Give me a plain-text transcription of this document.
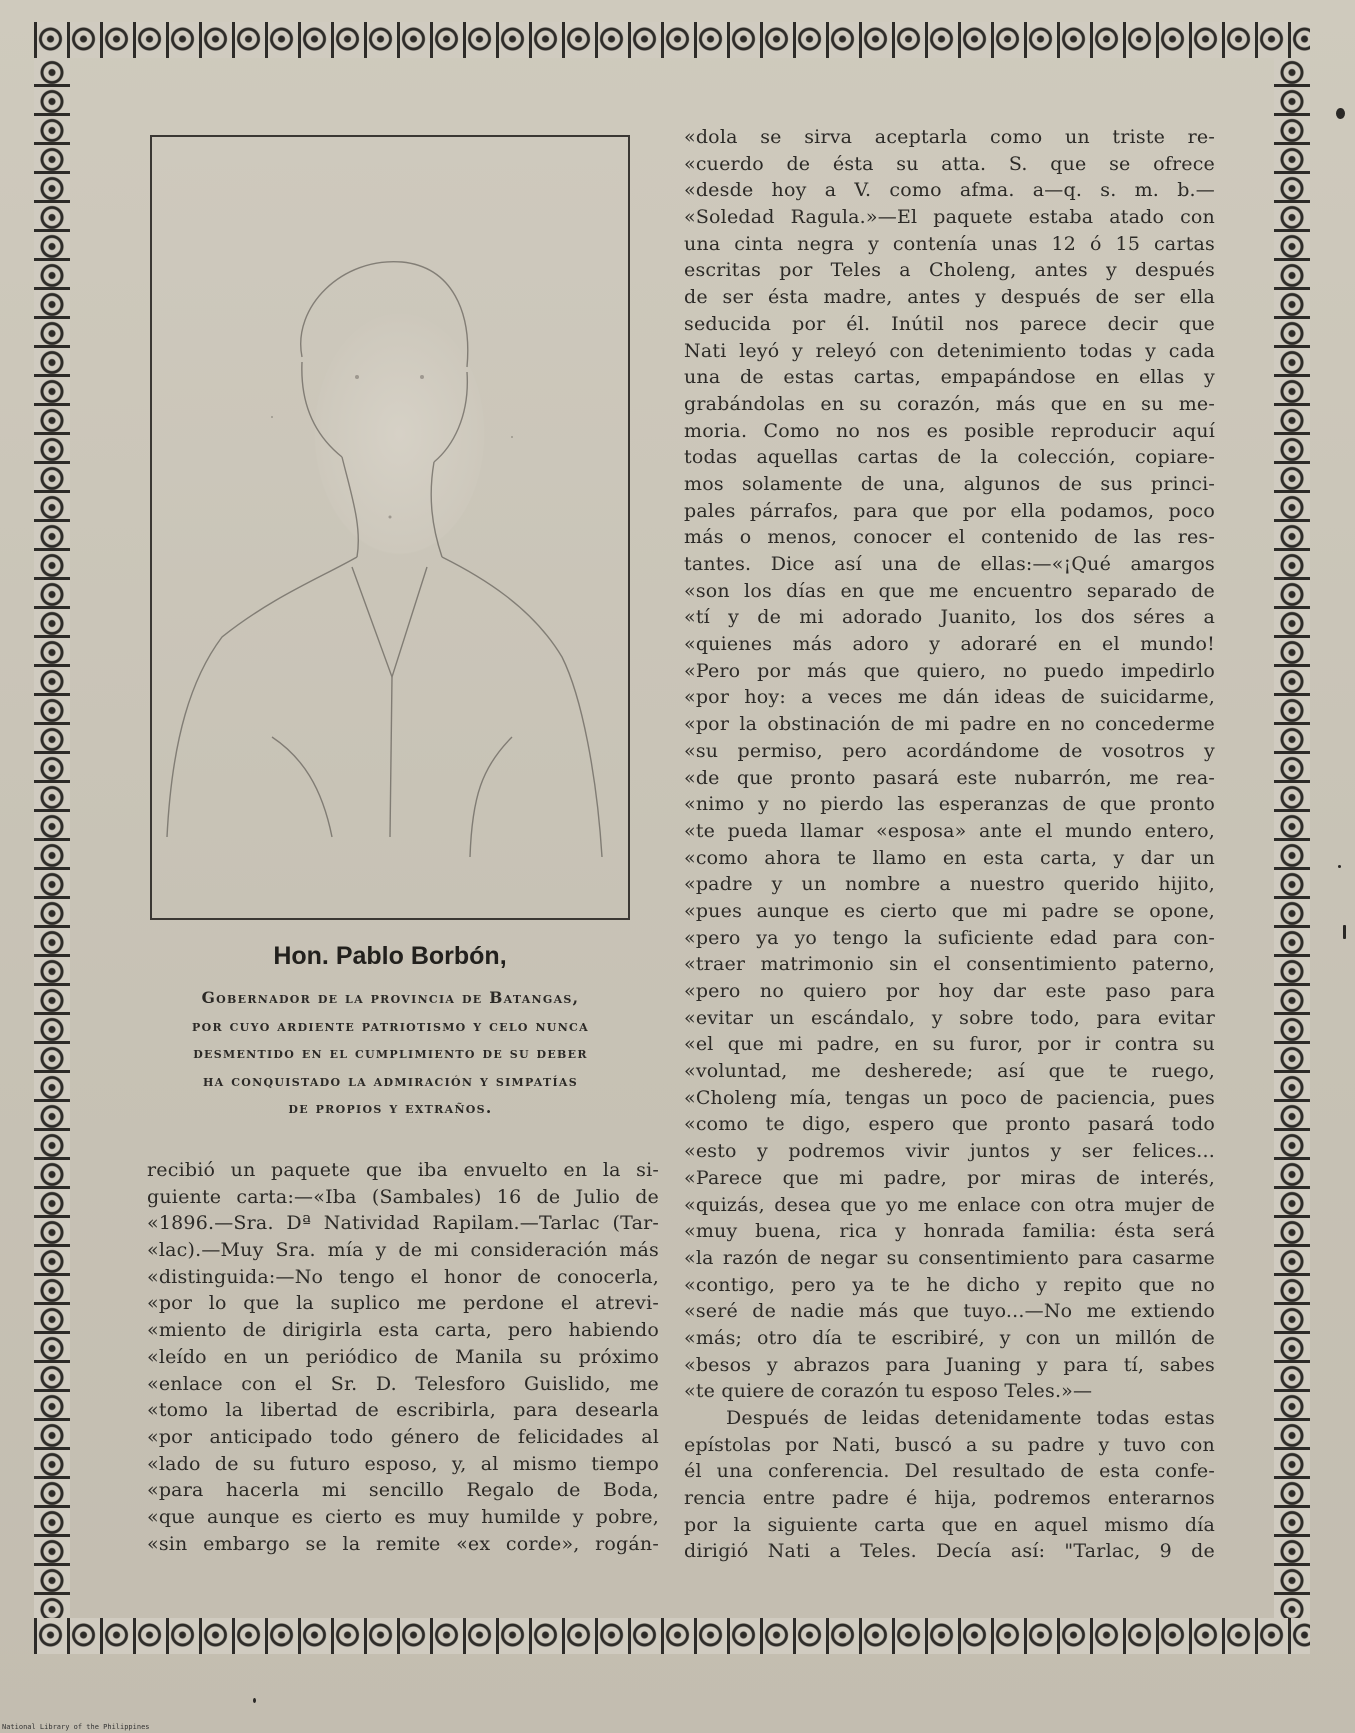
Hon. Pablo Borbón,
Gobernador de la provincia de Batangas,
por cuyo ardiente patriotismo y celo nunca
desmentido en el cumplimiento de su deber
ha conquistado la admiración y simpatías
de propios y extraños.
recibió un paquete que iba envuelto en la si-
guiente carta:—«Iba (Sambales) 16 de Julio de
«1896.—Sra. Dª Natividad Rapilam.—Tarlac (Tar-
«lac).—Muy Sra. mía y de mi consideración más
«distinguida:—No tengo el honor de conocerla,
«por lo que la suplico me perdone el atrevi-
«miento de dirigirla esta carta, pero habiendo
«leído en un periódico de Manila su próximo
«enlace con el Sr. D. Telesforo Guislido, me
«tomo la libertad de escribirla, para desearla
«por anticipado todo género de felicidades al
«lado de su futuro esposo, y, al mismo tiempo
«para hacerla mi sencillo Regalo de Boda,
«que aunque es cierto es muy humilde y pobre,
«sin embargo se la remite «ex corde», rogán-
«dola se sirva aceptarla como un triste re-
«cuerdo de ésta su atta. S. que se ofrece
«desde hoy a V. como afma. a—q. s. m. b.—
«Soledad Ragula.»—El paquete estaba atado con
una cinta negra y contenía unas 12 ó 15 cartas
escritas por Teles a Choleng, antes y después
de ser ésta madre, antes y después de ser ella
seducida por él. Inútil nos parece decir que
Nati leyó y releyó con detenimiento todas y cada
una de estas cartas, empapándose en ellas y
grabándolas en su corazón, más que en su me-
moria. Como no nos es posible reproducir aquí
todas aquellas cartas de la colección, copiare-
mos solamente de una, algunos de sus princi-
pales párrafos, para que por ella podamos, poco
más o menos, conocer el contenido de las res-
tantes. Dice así una de ellas:—«¡Qué amargos
«son los días en que me encuentro separado de
«tí y de mi adorado Juanito, los dos séres a
«quienes más adoro y adoraré en el mundo!
«Pero por más que quiero, no puedo impedirlo
«por hoy: a veces me dán ideas de suicidarme,
«por la obstinación de mi padre en no concederme
«su permiso, pero acordándome de vosotros y
«de que pronto pasará este nubarrón, me rea-
«nimo y no pierdo las esperanzas de que pronto
«te pueda llamar «esposa» ante el mundo entero,
«como ahora te llamo en esta carta, y dar un
«padre y un nombre a nuestro querido hijito,
«pues aunque es cierto que mi padre se opone,
«pero ya yo tengo la suficiente edad para con-
«traer matrimonio sin el consentimiento paterno,
«pero no quiero por hoy dar este paso para
«evitar un escándalo, y sobre todo, para evitar
«el que mi padre, en su furor, por ir contra su
«voluntad, me desherede; así que te ruego,
«Choleng mía, tengas un poco de paciencia, pues
«como te digo, espero que pronto pasará todo
«esto y podremos vivir juntos y ser felices...
«Parece que mi padre, por miras de interés,
«quizás, desea que yo me enlace con otra mujer de
«muy buena, rica y honrada familia: ésta será
«la razón de negar su consentimiento para casarme
«contigo, pero ya te he dicho y repito que no
«seré de nadie más que tuyo...—No me extiendo
«más; otro día te escribiré, y con un millón de
«besos y abrazos para Juaning y para tí, sabes
«te quiere de corazón tu esposo Teles.»—
Después de leidas detenidamente todas estas
epístolas por Nati, buscó a su padre y tuvo con
él una conferencia. Del resultado de esta confe-
rencia entre padre é hija, podremos enterarnos
por la siguiente carta que en aquel mismo día
dirigió Nati a Teles. Decía así: "Tarlac, 9 de
National Library of the Philippines
